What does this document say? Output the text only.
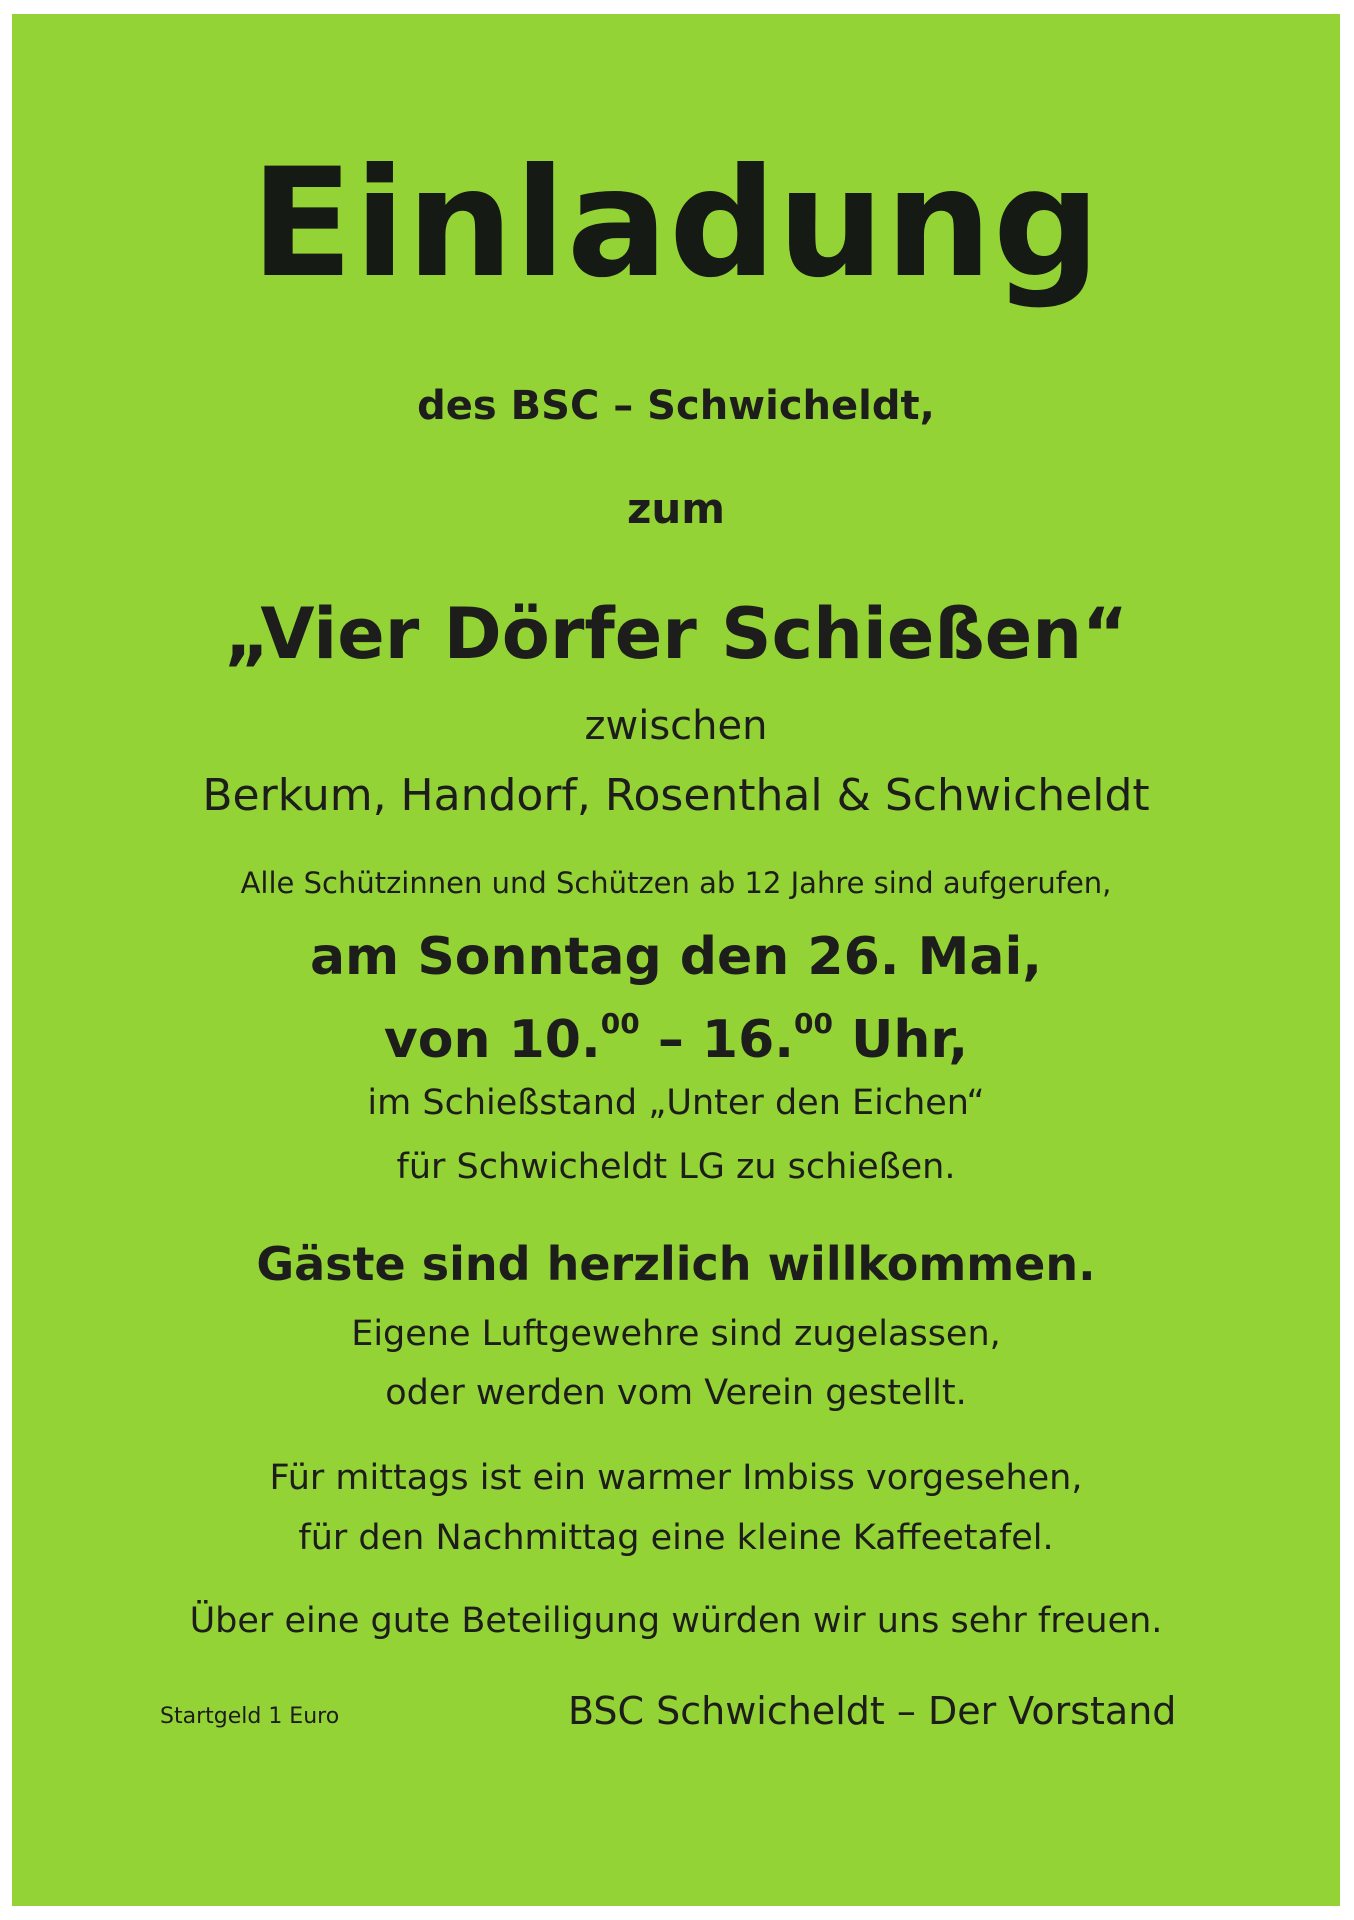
Einladung
des BSC – Schwicheldt,
zum
„Vier Dörfer Schießen“
zwischen
Berkum, Handorf, Rosenthal & Schwicheldt
Alle Schützinnen und Schützen ab 12 Jahre sind aufgerufen,
am Sonntag den 26. Mai,
von 10.00 – 16.00 Uhr,
im Schießstand „Unter den Eichen“
für Schwicheldt LG zu schießen.
Gäste sind herzlich willkommen.
Eigene Luftgewehre sind zugelassen,
oder werden vom Verein gestellt.
Für mittags ist ein warmer Imbiss vorgesehen,
für den Nachmittag eine kleine Kaffeetafel.
Über eine gute Beteiligung würden wir uns sehr freuen.
Startgeld 1 Euro	BSC Schwicheldt – Der Vorstand
